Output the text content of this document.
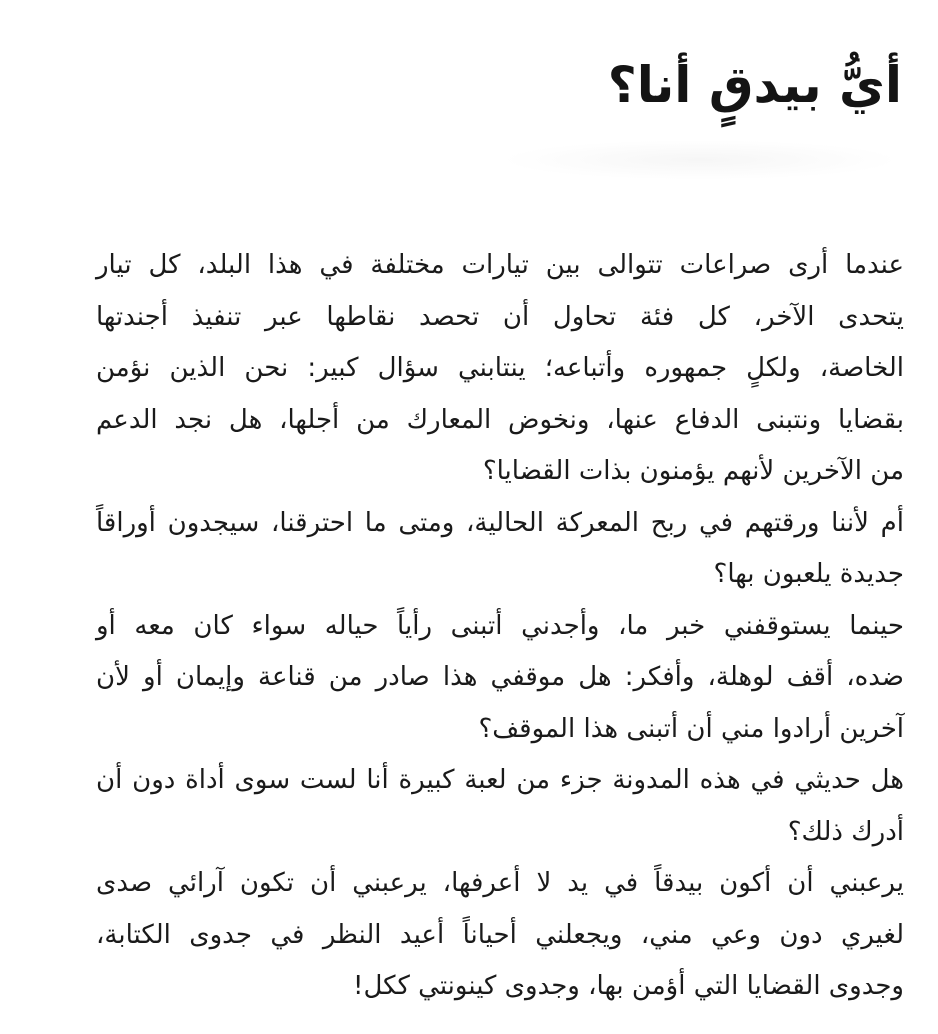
أيُّ بيدقٍ أنا؟
عندما أرى صراعات تتوالى بين تيارات مختلفة في هذا البلد، كل تيار
يتحدى الآخر، كل فئة تحاول أن تحصد نقاطها عبر تنفيذ أجندتها
الخاصة، ولكلٍ جمهوره وأتباعه؛ ينتابني سؤال كبير: نحن الذين نؤمن
بقضايا ونتبنى الدفاع عنها، ونخوض المعارك من أجلها، هل نجد الدعم
من الآخرين لأنهم يؤمنون بذات القضايا؟
أم لأننا ورقتهم في ربح المعركة الحالية، ومتى ما احترقنا، سيجدون أوراقاً
جديدة يلعبون بها؟
حينما يستوقفني خبر ما، وأجدني أتبنى رأياً حياله سواء كان معه أو
ضده، أقف لوهلة، وأفكر: هل موقفي هذا صادر من قناعة وإيمان أو لأن
آخرين أرادوا مني أن أتبنى هذا الموقف؟
هل حديثي في هذه المدونة جزء من لعبة كبيرة أنا لست سوى أداة دون أن
أدرك ذلك؟
يرعبني أن أكون بيدقاً في يد لا أعرفها، يرعبني أن تكون آرائي صدى
لغيري دون وعي مني، ويجعلني أحياناً أعيد النظر في جدوى الكتابة،
وجدوى القضايا التي أؤمن بها، وجدوى كينونتي ككل!
